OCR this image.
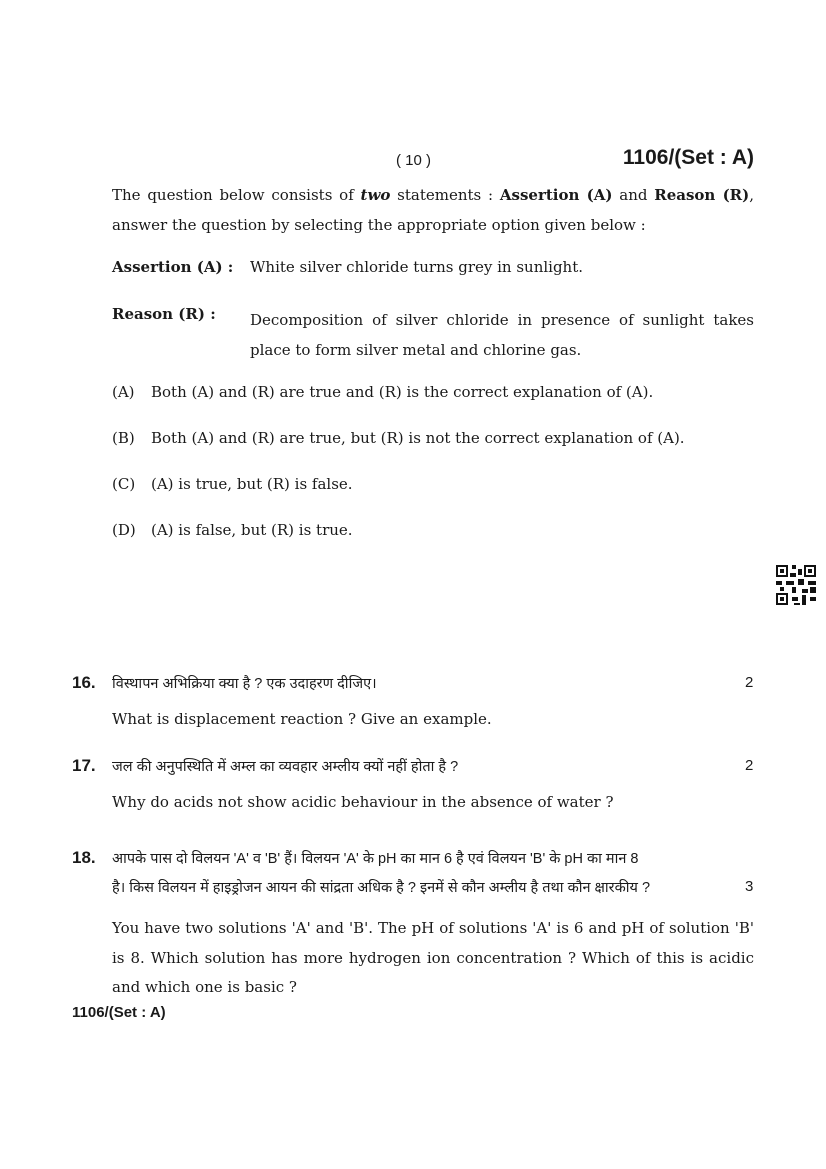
( 10 )	1106/(Set : A)
The question below consists of two statements : Assertion (A) and Reason (R), answer the question by selecting the appropriate option given below :
Assertion (A) : White silver chloride turns grey in sunlight.
Reason (R) : Decomposition of silver chloride in presence of sunlight takes place to form silver metal and chlorine gas.
(A) Both (A) and (R) are true and (R) is the correct explanation of (A).
(B) Both (A) and (R) are true, but (R) is not the correct explanation of (A).
(C) (A) is true, but (R) is false.
(D) (A) is false, but (R) is true.
16. विस्थापन अभिक्रिया क्या है ? एक उदाहरण दीजिए।	2
What is displacement reaction ? Give an example.
17. जल की अनुपस्थिति में अम्ल का व्यवहार अम्लीय क्यों नहीं होता है ?	2
Why do acids not show acidic behaviour in the absence of water ?
18. आपके पास दो विलयन 'A' व 'B' हैं। विलयन 'A' के pH का मान 6 है एवं विलयन 'B' के pH का मान 8
है। किस विलयन में हाइड्रोजन आयन की सांद्रता अधिक है ? इनमें से कौन अम्लीय है तथा कौन क्षारकीय ?	3
You have two solutions 'A' and 'B'. The pH of solutions 'A' is 6 and pH of solution 'B' is 8. Which solution has more hydrogen ion concentration ? Which of this is acidic and which one is basic ?
1106/(Set : A)
